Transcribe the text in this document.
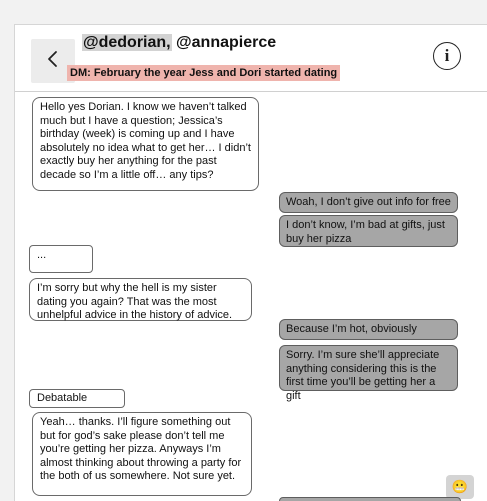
@dedorian, @annapierce
DM: February the year Jess and Dori started dating
i
Hello yes Dorian. I know we haven’t talked much but I have a question; Jessica’s birthday (week) is coming up and I have absolutely no idea what to get her… I didn’t exactly buy her anything for the past decade so I’m a little off… any tips?
Woah, I don’t give out info for free
I don’t know, I’m bad at gifts, just buy her pizza
...
I’m sorry but why the hell is my sister dating you again? That was the most unhelpful advice in the history of advice.
Because I’m hot, obviously
Sorry. I’m sure she’ll appreciate anything considering this is the first time you’ll be getting her a gift
Debatable
Yeah… thanks. I’ll figure something out but for god’s sake please don’t tell me you’re getting her pizza. Anyways I’m almost thinking about throwing a party for the both of us somewhere. Not sure yet.
😬
